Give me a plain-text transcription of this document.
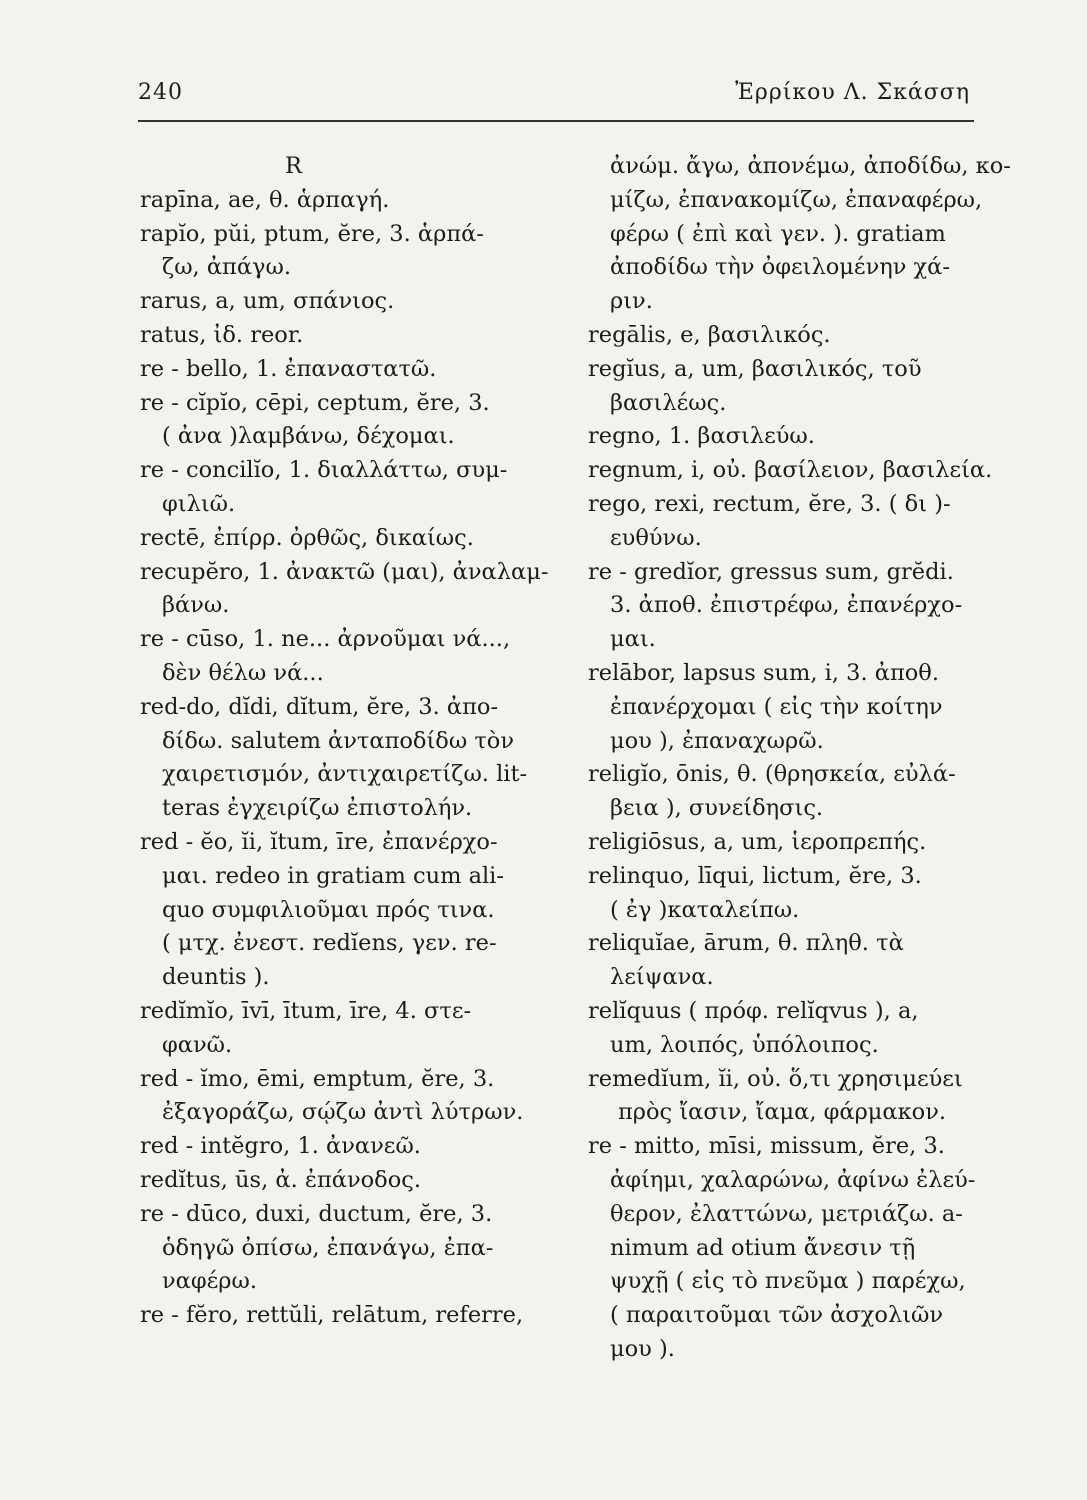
240	Ἐρρίκου Λ. Σκάσση
R
rapīna, ae, θ. ἁρπαγή.
rapĭo, pŭi, ptum, ĕre, 3. ἁρπά-
ζω, ἀπάγω.
rarus, a, um, σπάνιος.
ratus, ἰδ. reor.
re - bello, 1. ἐπαναστατῶ.
re - cĭpĭo, cēpi, ceptum, ĕre, 3.
( ἀνα )λαμβάνω, δέχομαι.
re - concilĭo, 1. διαλλάττω, συμ-
φιλιῶ.
rectē, ἐπίρρ. ὀρθῶς, δικαίως.
recupĕro, 1. ἀνακτῶ (μαι), ἀναλαμ-
βάνω.
re - cūso, 1. ne... ἀρνοῦμαι νά...,
δὲν θέλω νά...
red-do, dĭdi, dĭtum, ĕre, 3. ἀπο-
δίδω. salutem ἀνταποδίδω τὸν
χαιρετισμόν, ἀντιχαιρετίζω. lit-
teras ἐγχειρίζω ἐπιστολήν.
red - ĕo, ĭi, ĭtum, īre, ἐπανέρχο-
μαι. redeo in gratiam cum ali-
quo συμφιλιοῦμαι πρός τινα.
( μτχ. ἐνεστ. redĭens, γεν. re-
deuntis ).
redĭmĭo, īvī, ītum, īre, 4. στε-
φανῶ.
red - ĭmo, ēmi, emptum, ĕre, 3.
ἐξαγοράζω, σῴζω ἀντὶ λύτρων.
red - intĕgro, 1. ἀνανεῶ.
redĭtus, ūs, ἀ. ἐπάνοδος.
re - dūco, duxi, ductum, ĕre, 3.
ὁδηγῶ ὀπίσω, ἐπανάγω, ἐπα-
ναφέρω.
re - fĕro, rettŭli, relātum, referre,
ἀνώμ. ἄγω, ἀπονέμω, ἀποδίδω, κο-
μίζω, ἐπανακομίζω, ἐπαναφέρω,
φέρω ( ἐπὶ καὶ γεν. ). gratiam
ἀποδίδω τὴν ὀφειλομένην χά-
ριν.
regālis, e, βασιλικός.
regĭus, a, um, βασιλικός, τοῦ
βασιλέως.
regno, 1. βασιλεύω.
regnum, i, οὐ. βασίλειον, βασιλεία.
rego, rexi, rectum, ĕre, 3. ( δι )-
ευθύνω.
re - gredĭor, gressus sum, grĕdi.
3. ἀποθ. ἐπιστρέφω, ἐπανέρχο-
μαι.
relābor, lapsus sum, i, 3. ἀποθ.
ἐπανέρχομαι ( εἰς τὴν κοίτην
μου ), ἐπαναχωρῶ.
religĭo, ōnis, θ. (θρησκεία, εὐλά-
βεια ), συνείδησις.
religiōsus, a, um, ἱεροπρεπής.
relinquo, līqui, lictum, ĕre, 3.
( ἐγ )καταλείπω.
reliquĭae, ārum, θ. πληθ. τὰ
λείψανα.
relĭquus ( πρόφ. relĭqvus ), a,
um, λοιπός, ὑπόλοιπος.
remedĭum, ĭi, οὐ. ὅ,τι χρησιμεύει
πρὸς ἴασιν, ἴαμα, φάρμακον.
re - mitto, mīsi, missum, ĕre, 3.
ἀφίημι, χαλαρώνω, ἀφίνω ἐλεύ-
θερον, ἐλαττώνω, μετριάζω. a-
nimum ad otium ἄνεσιν τῇ
ψυχῇ ( εἰς τὸ πνεῦμα ) παρέχω,
( παραιτοῦμαι τῶν ἀσχολιῶν
μου ).
